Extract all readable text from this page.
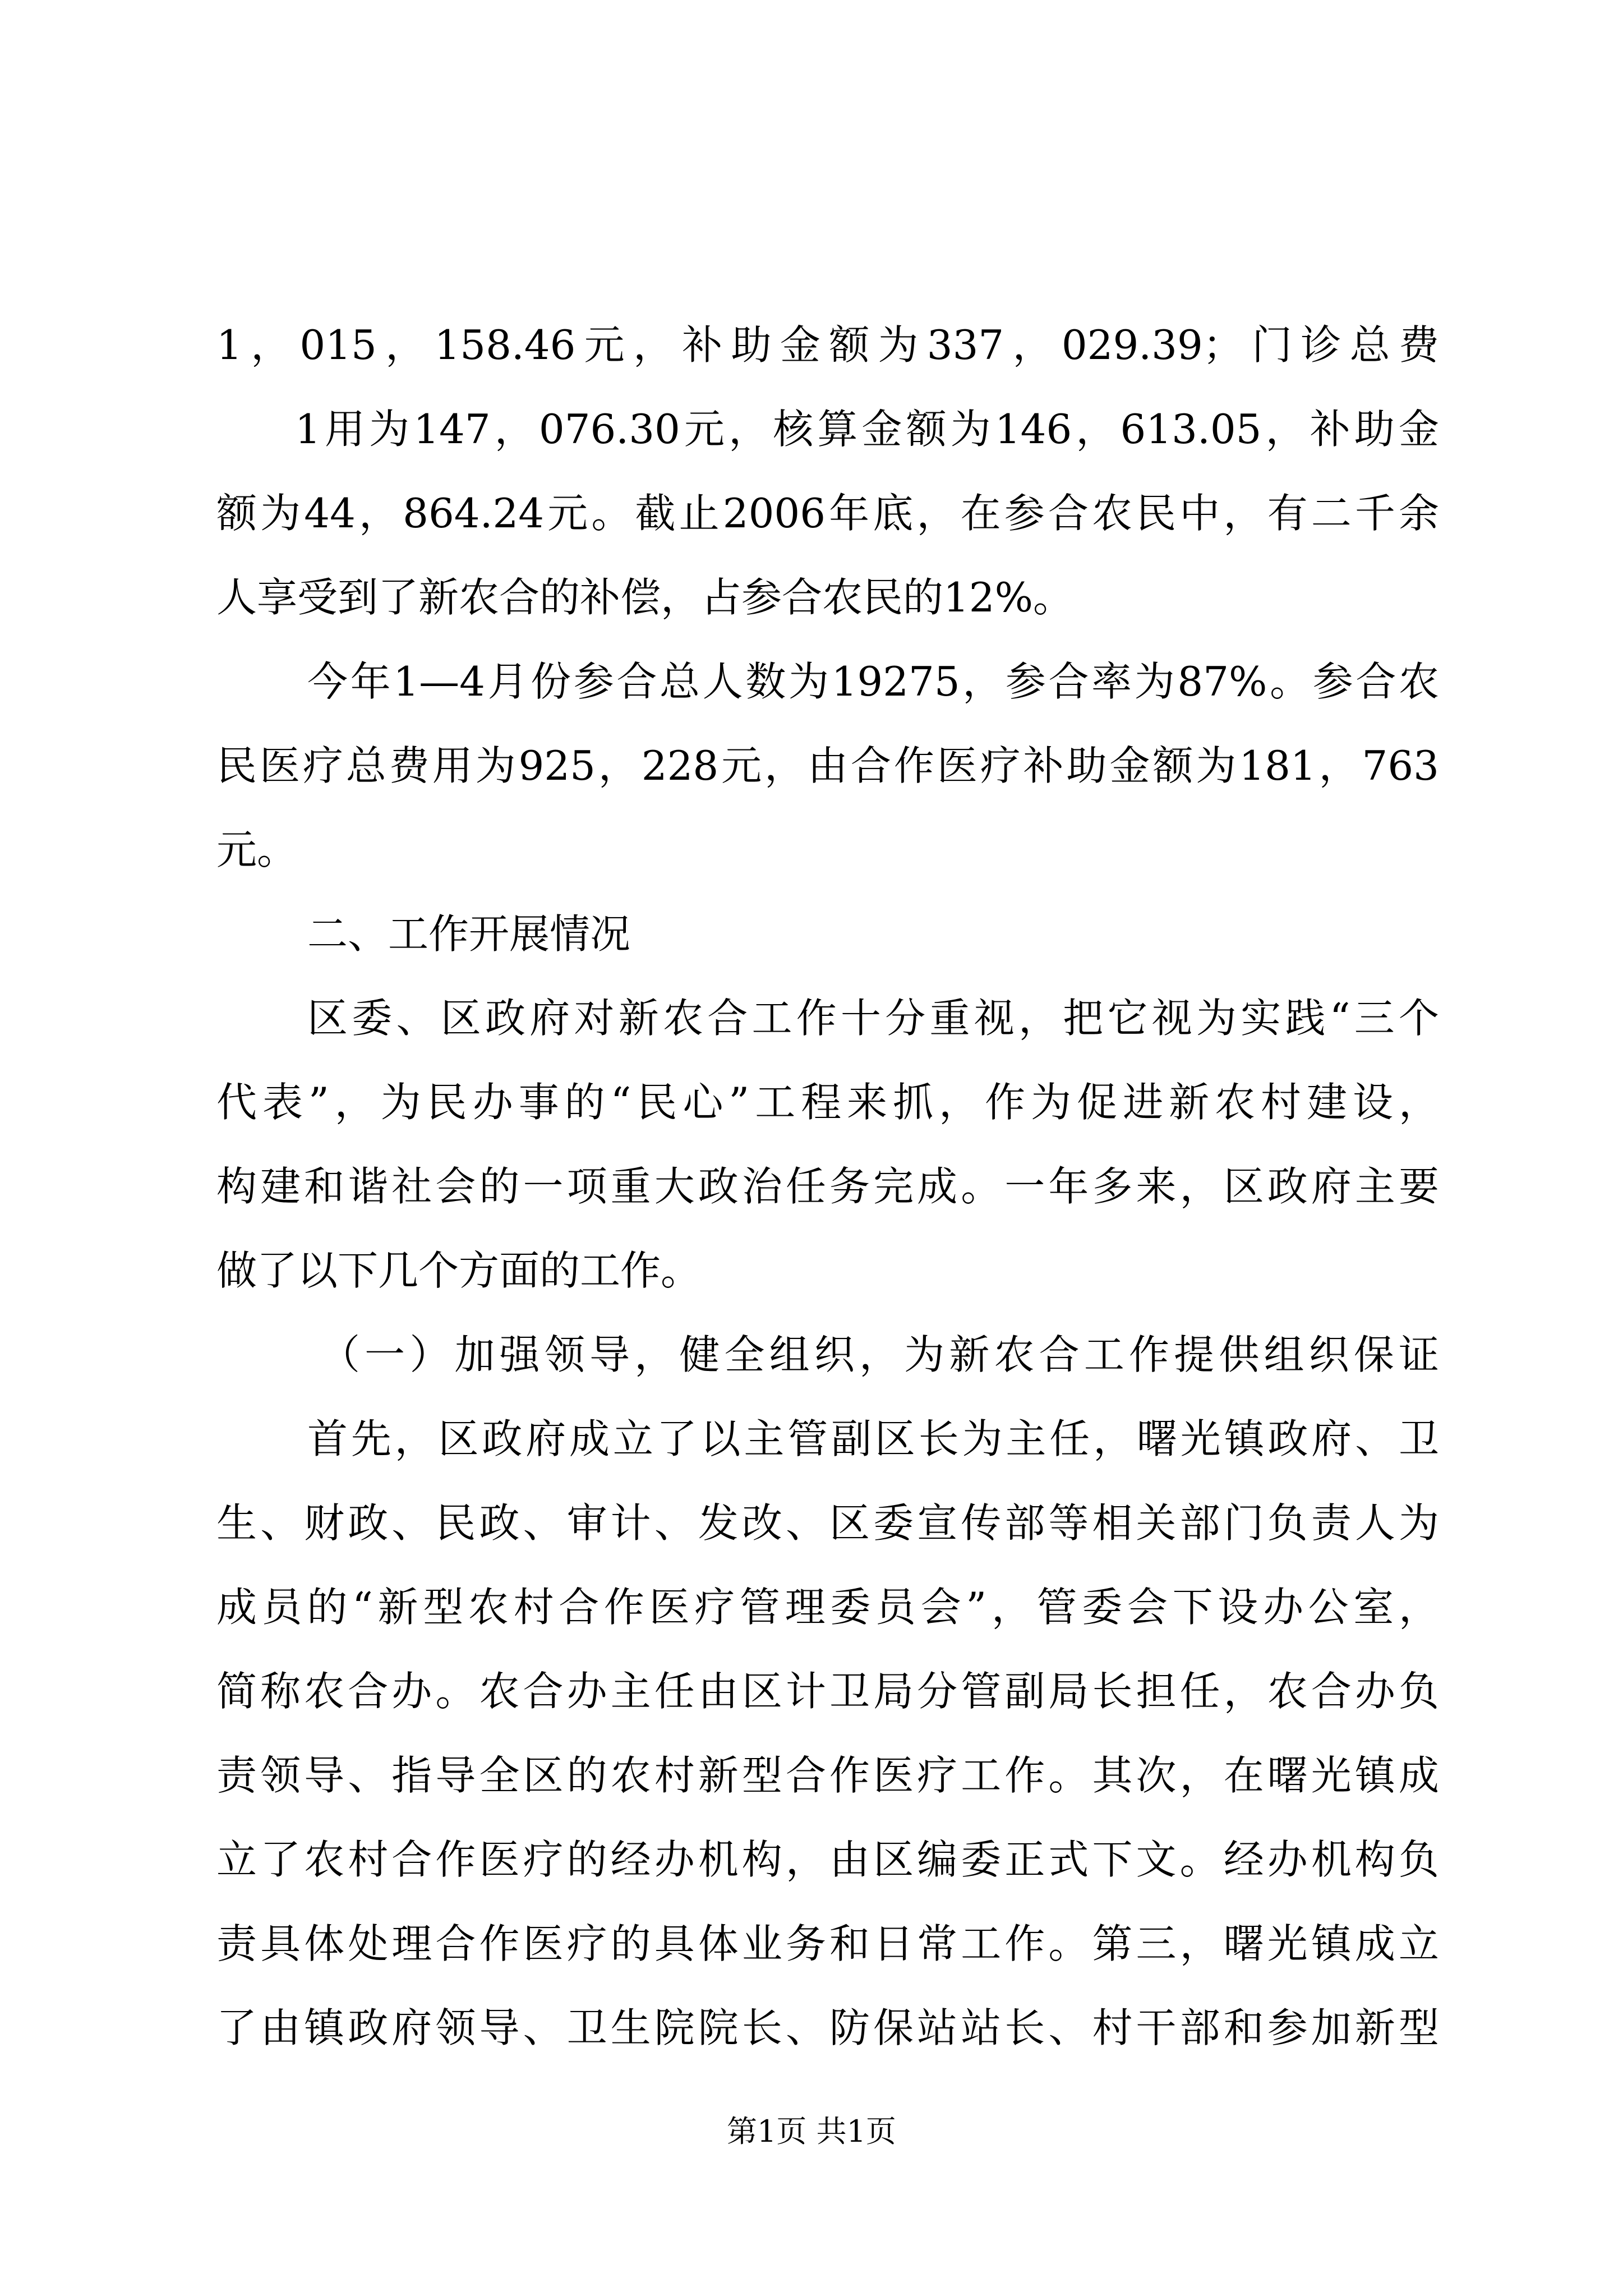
1，015，158.46元，补助金额为337，029.39；门诊总费
1用为147，076.30元，核算金额为146，613.05，补助金
额为44，864.24元。截止2006年底，在参合农民中，有二千余
人享受到了新农合的补偿，占参合农民的12%。
今年1—4月份参合总人数为19275，参合率为87%。参合农
民医疗总费用为925，228元，由合作医疗补助金额为181，763
元。
二、工作开展情况
区委、区政府对新农合工作十分重视，把它视为实践“三个
代表”，为民办事的“民心”工程来抓，作为促进新农村建设，
构建和谐社会的一项重大政治任务完成。一年多来，区政府主要
做了以下几个方面的工作。
（一）加强领导，健全组织，为新农合工作提供组织保证
首先，区政府成立了以主管副区长为主任，曙光镇政府、卫
生、财政、民政、审计、发改、区委宣传部等相关部门负责人为
成员的“新型农村合作医疗管理委员会”，管委会下设办公室，
简称农合办。农合办主任由区计卫局分管副局长担任，农合办负
责领导、指导全区的农村新型合作医疗工作。其次，在曙光镇成
立了农村合作医疗的经办机构，由区编委正式下文。经办机构负
责具体处理合作医疗的具体业务和日常工作。第三，曙光镇成立
了由镇政府领导、卫生院院长、防保站站长、村干部和参加新型
第1页 共1页
